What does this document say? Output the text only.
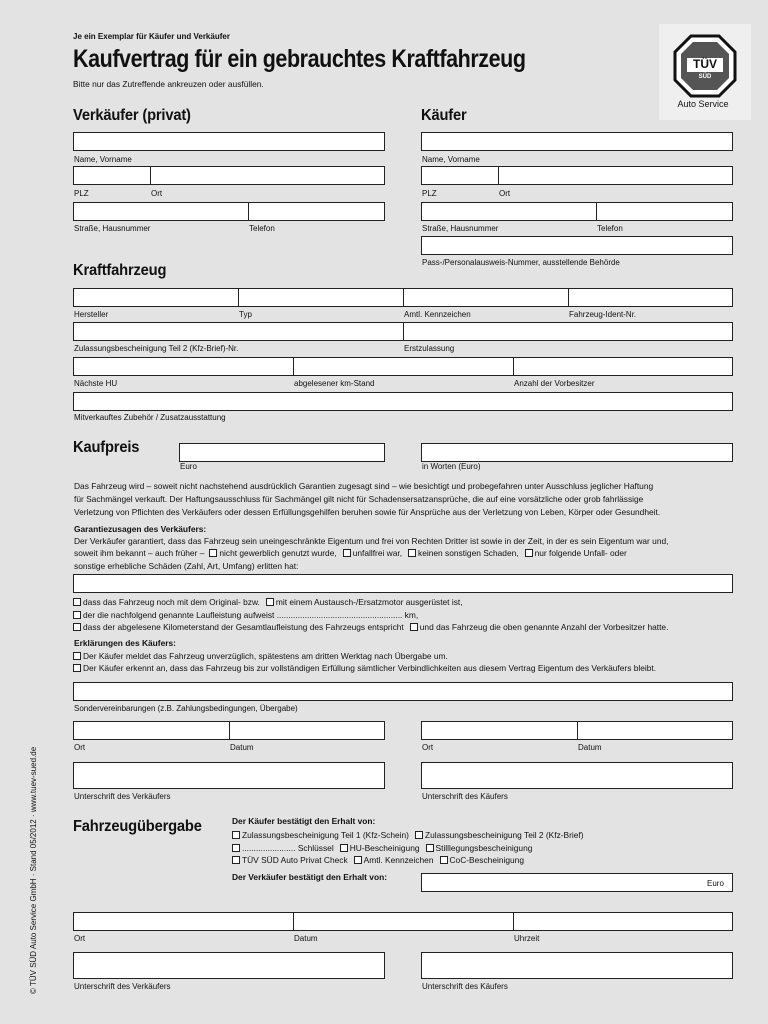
Je ein Exemplar für Käufer und Verkäufer
Kaufvertrag für ein gebrauchtes Kraftfahrzeug
Bitte nur das Zutreffende ankreuzen oder ausfüllen.
TÜV
SÜD
Auto Service
© TÜV SÜD Auto Service GmbH · Stand 05/2012 · www.tuev-sued.de
Verkäufer (privat)
Name, Vorname
PLZ	Ort
Straße, Hausnummer	Telefon
Käufer
Name, Vorname
PLZ	Ort
Straße, Hausnummer	Telefon
Pass-/Personalausweis-Nummer, ausstellende Behörde
Kraftfahrzeug
Hersteller	Typ	Amtl. Kennzeichen	Fahrzeug-Ident-Nr.
Zulassungsbescheinigung Teil 2 (Kfz-Brief)-Nr.	Erstzulassung
Nächste HU	abgelesener km-Stand	Anzahl der Vorbesitzer
Mitverkauftes Zubehör / Zusatzausstattung
Kaufpreis
Euro	in Worten (Euro)
Das Fahrzeug wird – soweit nicht nachstehend ausdrücklich Garantien zugesagt sind – wie besichtigt und probegefahren unter Ausschluss jeglicher Haftung
für Sachmängel verkauft. Der Haftungsausschluss für Sachmängel gilt nicht für Schadensersatzansprüche, die auf eine vorsätzliche oder grob fahrlässige
Verletzung von Pflichten des Verkäufers oder dessen Erfüllungsgehilfen beruhen sowie für Ansprüche aus der Verletzung von Leben, Körper oder Gesundheit.
Garantiezusagen des Verkäufers:
Der Verkäufer garantiert, dass das Fahrzeug sein uneingeschränkte Eigentum und frei von Rechten Dritter ist sowie in der Zeit, in der es sein Eigentum war und,
soweit ihm bekannt – auch früher – nicht gewerblich genutzt wurde, unfallfrei war, keinen sonstigen Schaden, nur folgende Unfall- oder
sonstige erhebliche Schäden (Zahl, Art, Umfang) erlitten hat:
dass das Fahrzeug noch mit dem Original- bzw. mit einem Austausch-/Ersatzmotor ausgerüstet ist,
der die nachfolgend genannte Laufleistung aufweist ...................................................... km,
dass der abgelesene Kilometerstand der Gesamtlaufleistung des Fahrzeugs entspricht und das Fahrzeug die oben genannte Anzahl der Vorbesitzer hatte.
Erklärungen des Käufers:
Der Käufer meldet das Fahrzeug unverzüglich, spätestens am dritten Werktag nach Übergabe um.
Der Käufer erkennt an, dass das Fahrzeug bis zur vollständigen Erfüllung sämtlicher Verbindlichkeiten aus diesem Vertrag Eigentum des Verkäufers bleibt.
Sondervereinbarungen (z.B. Zahlungsbedingungen, Übergabe)
Ort	Datum
Unterschrift des Verkäufers
Ort	Datum
Unterschrift des Käufers
Fahrzeugübergabe	Der Käufer bestätigt den Erhalt von:
Zulassungsbescheinigung Teil 1 (Kfz-Schein) Zulassungsbescheinigung Teil 2 (Kfz-Brief)
....................... Schlüssel HU-Bescheinigung Stilllegungsbescheinigung
TÜV SÜD Auto Privat Check Amtl. Kennzeichen CoC-Bescheinigung
Der Verkäufer bestätigt den Erhalt von:
Euro
Ort	Datum	Uhrzeit
Unterschrift des Verkäufers	Unterschrift des Käufers
